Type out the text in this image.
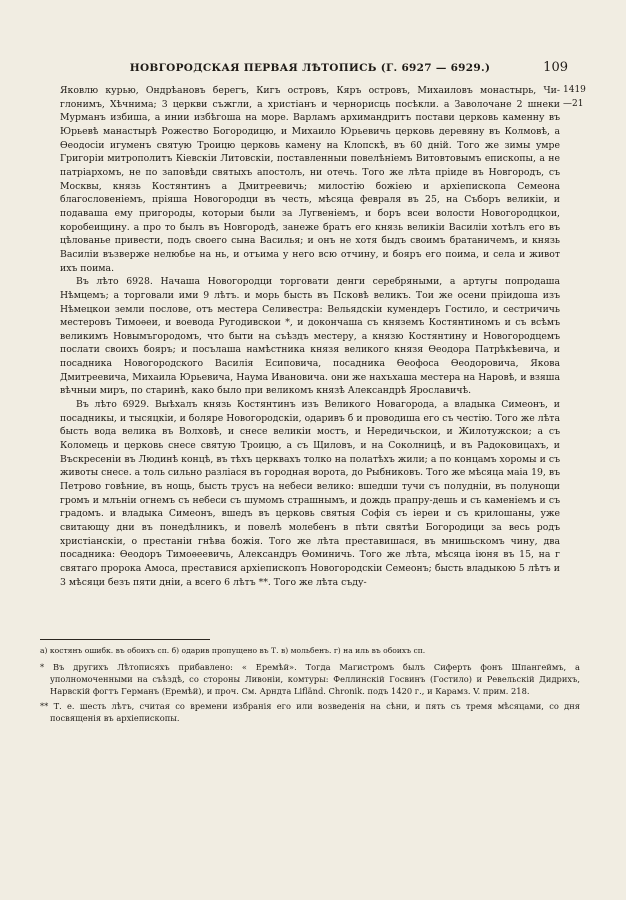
НОВГОРОДСКАЯ ПЕРВАЯ ЛѢТОПИСЬ (Г. 6927 — 6929.)	109
1419
—21

Яковлю курью, Ондрѣановъ берегъ, Кигъ островъ, Кяръ островъ, Михаиловъ монастырь, Чи-глонимъ, Хѣчнима; 3 церкви съжгли, а христiанъ и чернорисць посѣкли. а Заволочане 2 шнеки Мурманъ избиша, а инии избѣгоша на море. Варламъ архимандритъ постави церковь каменну въ Юрьевѣ манастырѣ Рожество Богородицю, и Михаило Юрьевичь церковь деревяну въ Колмовѣ, а Ѳеодосiи игуменъ святую Троицю церковь камену на Клопскѣ, въ 60 днiй. Того же зимы умре Григорiи митрополитъ Кiевскiи Литовскiи, поставленныи повелѣнiемъ Витовтовымъ епископы, а не патрiархомъ, не по заповѣди святыхъ апостолъ, ни отечь. Того же лѣта прiиде въ Новгородъ, съ Москвы, князь Костянтинъ а Дмитреевичь; милостiю божiею и архiепископа Семеона благословенiемъ, прiяша Новогородци въ честь, мѣсяца февраля въ 25, на Съборъ великiи, и подаваша ему пригороды, которыи были за Лугвенiемъ, и боръ всеи волости Новогородцкои, коробеищину. а про то былъ въ Новгородѣ, занеже братъ его князь великiи Василiи хотѣлъ его въ цѣлованье привести, подъ своего сына Василья; и онъ не хотя быдъ своимъ братаничемъ, и князь Василiи възверже нелюбье на нь, и отъима у него всю отчину, и бояръ его поима, и села и живот ихъ поима.

Въ лѣто 6928. Начаша Новогородци торговати денги серебряными, а артугы попродаша Нѣмцемъ; а торговали ими 9 лѣтъ. и морь бысть въ Псковѣ великъ. Тои же осени прiидоша изъ Нѣмецкои земли послове, отъ местера Селивестра: Вельядскiи кумендеръ Гостило, и сестричичь местеровъ Тимоѳеи, и воевода Ругодивскои *, и докончаша съ княземъ Костянтиномъ и съ всѣмъ великимъ Новымъгородомъ, что быти на съѣздъ местеру, а князю Костянтину и Новогородцемъ послати своихъ бояръ; и посълаша намѣстника князя великого князя Ѳеодора Патрѣкѣевича, и посадника Новогородского Василiя Есиповича, посадника Ѳеофоса Ѳеодоровича, Якова Дмитреевича, Михаила Юрьевича, Наума Ивановича. они же нахъхаша местера на Наровѣ, и взяша вѣчныи миръ, по старинѣ, како было при великомъ князѣ Александрѣ Ярославичѣ.

Въ лѣто 6929. Выѣхалъ князь Костянтинъ изъ Великого Новагорода, а владыка Симеонъ, и посадникы, и тысяцкiи, и боляре Новогородскiи, одаривъ б и проводиша его съ честiю. Того же лѣта бысть вода велика въ Волховѣ, и снесе великiи мостъ, и Нередичьскои, и Жилотужскои; а съ Коломець и церковь снесе святую Троицю, а съ Щиловъ, и на Соколницѣ, и въ Радоковицахъ, и Въскресенiи въ Людинѣ концѣ, въ тѣхъ церквахъ толко на полатѣхъ жили; а по концамъ хоромы и съ животы снесе. а толь сильно разлiася въ городная ворота, до Рыбниковъ. Того же мѣсяца маiа 19, въ Петрово говѣние, въ нощь, бысть трусъ на небеси велико: вшедши тучи съ полуднiи, въ полунощи громъ и млънiи огнемъ съ небеси съ шумомъ страшнымъ, и дождь прапру-дешь и съ каменiемъ и съ градомъ. и владыка Симеонъ, вшедъ въ церковь святыя Софiя съ iереи и съ крилошаны, уже свитающу дни въ понедѣлникъ, и повелѣ молебенъ в пѣти святѣи Богородици за весь родъ христiанскiи, о престанiи гнѣва божiя. Того же лѣта преставишася, въ мнишьскомъ чину, два посадника: Ѳеодоръ Тимоѳеевичь, Александръ Ѳоминичь. Того же лѣта, мѣсяца iюня въ 15, на г святаго пророка Амоса, преставися архiепископъ Новогородскiи Семеонъ; бысть владыкою 5 лѣтъ и 3 мѣсяци безъ пяти днiи, а всего 6 лѣтъ **. Того же лѣта съду-

а) костянъ ошибк. въ обоихъ сп. б) одарив пропущено въ Т. в) мольбенъ. г) на иль въ обоихъ сп.

* Въ другихъ Лѣтописяхъ прибавлено: « Еремѣй». Тогда Магистромъ былъ Сиферть фонъ Шпангеймъ, а уполномоченными на съѣздѣ, со стороны Ливонiи, комтуры: Феллинскiй Госвинъ (Гостило) и Ревельскiй Дидрихъ, Нарвскiй фогтъ Германъ (Еремѣй), и проч. См. Арндта Lifländ. Chronik. подъ 1420 г., и Карамз. V. прим. 218.

** Т. е. шесть лѣтъ, считая со времени избранiя его или возведенiя на сѣни, и пять съ тремя мѣсяцами, со дня посвященiя въ архiепископы.
